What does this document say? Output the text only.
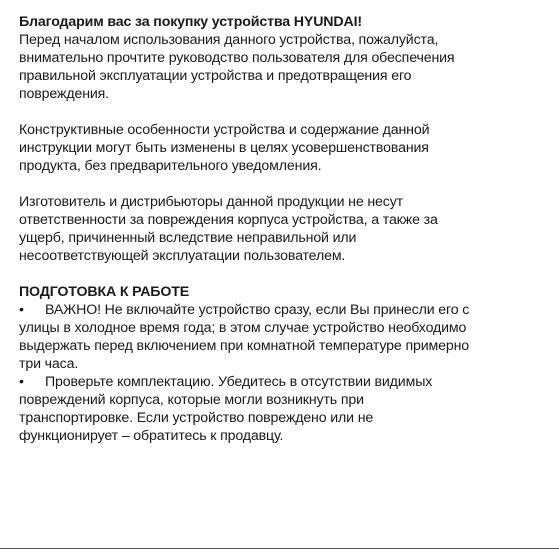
Благодарим вас за покупку устройства HYUNDAI!
Перед началом использования данного устройства, пожалуйста,
внимательно прочтите руководство пользователя для обеспечения
правильной эксплуатации устройства и предотвращения его
повреждения.
Конструктивные особенности устройства и содержание данной
инструкции могут быть изменены в целях усовершенствования
продукта, без предварительного уведомления.
Изготовитель и дистрибьюторы данной продукции не несут
ответственности за повреждения корпуса устройства, а также за
ущерб, причиненный вследствие неправильной или
несоответствующей эксплуатации пользователем.
ПОДГОТОВКА К РАБОТЕ
• ВАЖНО! Не включайте устройство сразу, если Вы принесли его с
улицы в холодное время года; в этом случае устройство необходимо
выдержать перед включением при комнатной температуре примерно
три часа.
• Проверьте комплектацию. Убедитесь в отсутствии видимых
повреждений корпуса, которые могли возникнуть при
транспортировке. Если устройство повреждено или не
функционирует – обратитесь к продавцу.
